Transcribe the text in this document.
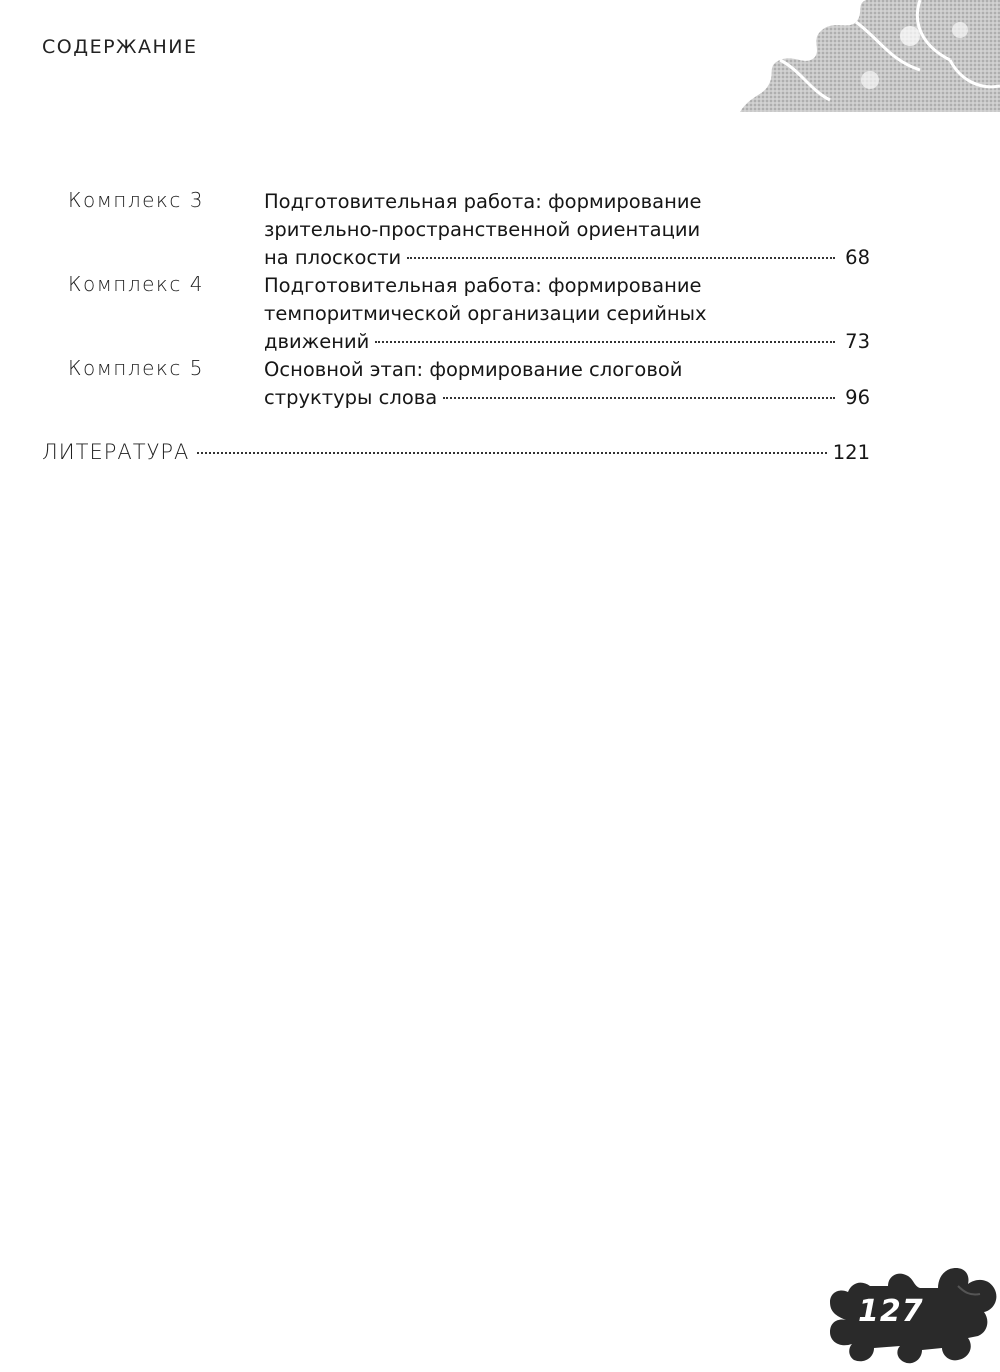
СОДЕРЖАНИЕ
Комплекс 3	Подготовительная работа: формирование
зрительно-пространственной ориентации
на плоскости	68
Комплекс 4	Подготовительная работа: формирование
темпоритмической организации серийных
движений	73
Комплекс 5	Основной этап: формирование слоговой
структуры слова	96
ЛИТЕРАТУРА	121
127
